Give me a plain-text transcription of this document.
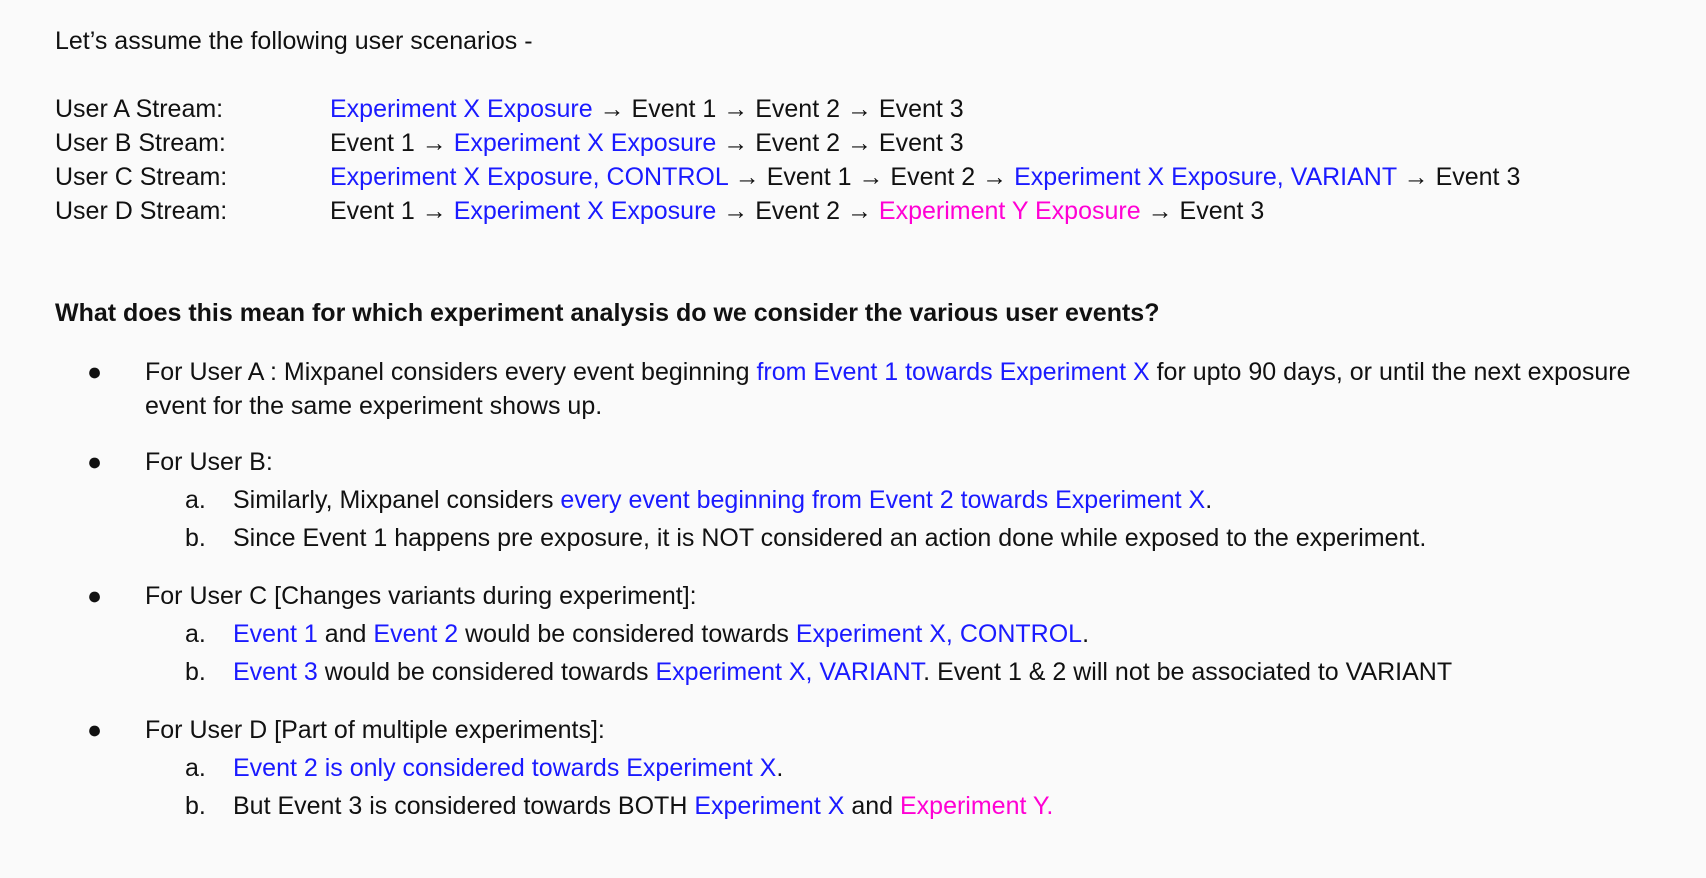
Let’s assume the following user scenarios -
User A Stream:	Experiment X Exposure → Event 1 → Event 2 → Event 3
User B Stream:	Event 1 → Experiment X Exposure → Event 2 → Event 3
User C Stream:	Experiment X Exposure, CONTROL → Event 1 → Event 2 → Experiment X Exposure, VARIANT → Event 3
User D Stream:	Event 1 → Experiment X Exposure → Event 2 → Experiment Y Exposure → Event 3
What does this mean for which experiment analysis do we consider the various user events?
● For User A : Mixpanel considers every event beginning from Event 1 towards Experiment X for upto 90 days, or until the next exposure event for the same experiment shows up.
● For User B:
a. Similarly, Mixpanel considers every event beginning from Event 2 towards Experiment X.
b. Since Event 1 happens pre exposure, it is NOT considered an action done while exposed to the experiment.
● For User C [Changes variants during experiment]:
a. Event 1 and Event 2 would be considered towards Experiment X, CONTROL.
b. Event 3 would be considered towards Experiment X, VARIANT. Event 1 & 2 will not be associated to VARIANT
● For User D [Part of multiple experiments]:
a. Event 2 is only considered towards Experiment X.
b. But Event 3 is considered towards BOTH Experiment X and Experiment Y.
